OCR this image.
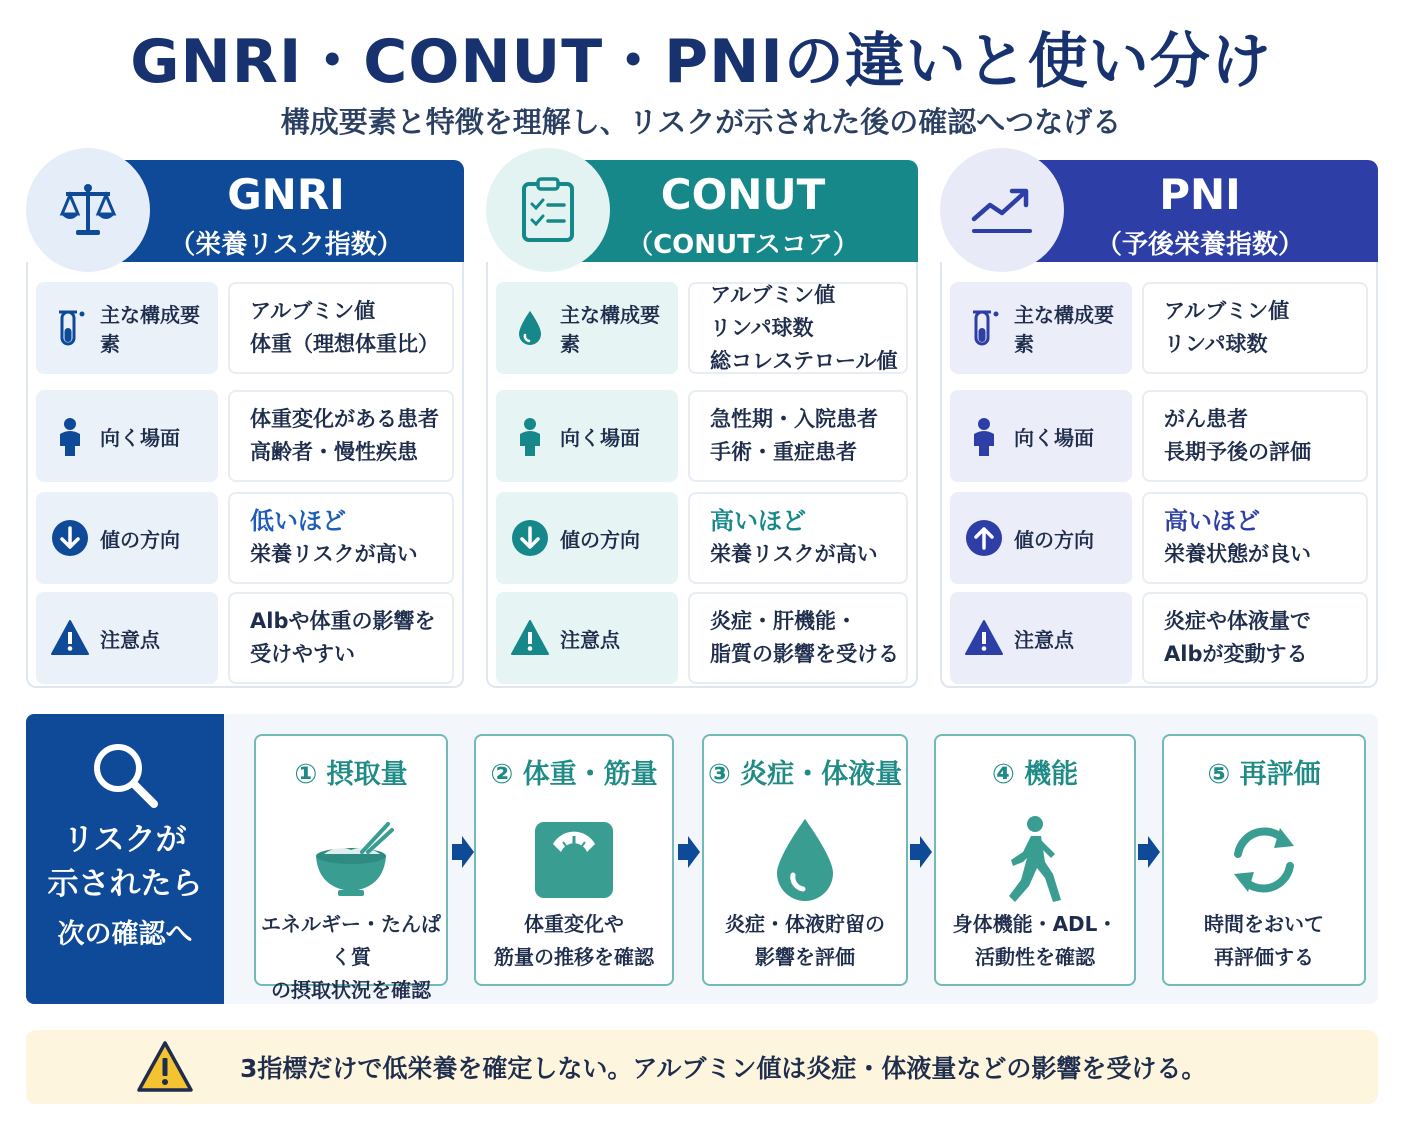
GNRI・CONUT・PNIの違いと使い分け
構成要素と特徴を理解し、リスクが示された後の確認へつなげる
主な構成要素
アルブミン値
体重（理想体重比）
向く場面
体重変化がある患者
高齢者・慢性疾患
値の方向
低いほど
栄養リスクが高い
注意点
Albや体重の影響を
受けやすい
GNRI
（栄養リスク指数）
主な構成要素
アルブミン値
リンパ球数
総コレステロール値
向く場面
急性期・入院患者
手術・重症患者
値の方向
高いほど
栄養リスクが高い
注意点
炎症・肝機能・
脂質の影響を受ける
CONUT
（CONUTスコア）
主な構成要素
アルブミン値
リンパ球数
向く場面
がん患者
長期予後の評価
値の方向
高いほど
栄養状態が良い
注意点
炎症や体液量で
Albが変動する
PNI
（予後栄養指数）
リスクが
示されたら
次の確認へ
① 摂取量
エネルギー・たんぱく質
の摂取状況を確認
② 体重・筋量
体重変化や
筋量の推移を確認
③ 炎症・体液量
炎症・体液貯留の
影響を評価
④ 機能
身体機能・ADL・
活動性を確認
⑤ 再評価
時間をおいて
再評価する
3指標だけで低栄養を確定しない。アルブミン値は炎症・体液量などの影響を受ける。
